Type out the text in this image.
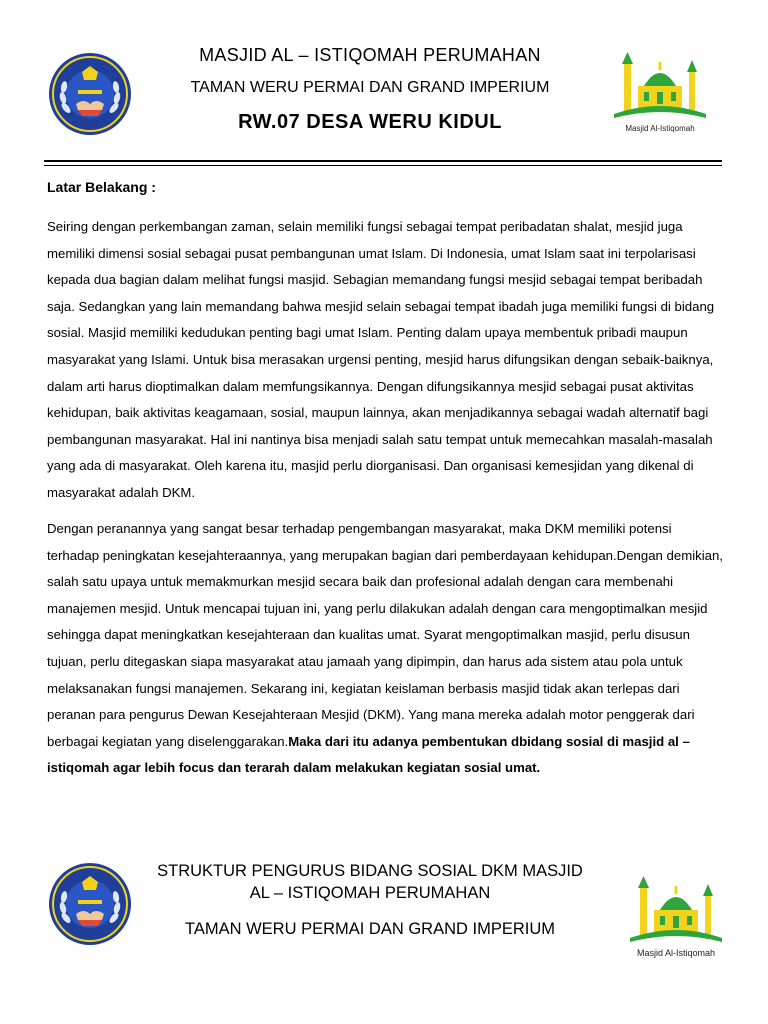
MASJID AL – ISTIQOMAH PERUMAHAN
TAMAN WERU PERMAI DAN GRAND IMPERIUM
RW.07 DESA WERU KIDUL	Masjid Al-Istiqomah
Latar Belakang :
Seiring dengan perkembangan zaman, selain memiliki fungsi sebagai tempat peribadatan shalat, mesjid juga memiliki dimensi sosial sebagai pusat pembangunan umat Islam. Di Indonesia, umat Islam saat ini terpolarisasi kepada dua bagian dalam melihat fungsi masjid. Sebagian memandang fungsi mesjid sebagai tempat beribadah saja. Sedangkan yang lain memandang bahwa mesjid selain sebagai tempat ibadah juga memiliki fungsi di bidang sosial. Masjid memiliki kedudukan penting bagi umat Islam. Penting dalam upaya membentuk pribadi maupun masyarakat yang Islami. Untuk bisa merasakan urgensi penting, mesjid harus difungsikan dengan sebaik-baiknya, dalam arti harus dioptimalkan dalam memfungsikannya. Dengan difungsikannya mesjid sebagai pusat aktivitas kehidupan, baik aktivitas keagamaan, sosial, maupun lainnya, akan menjadikannya sebagai wadah alternatif bagi pembangunan masyarakat. Hal ini nantinya bisa menjadi salah satu tempat untuk memecahkan masalah-masalah yang ada di masyarakat. Oleh karena itu, masjid perlu diorganisasi. Dan organisasi kemesjidan yang dikenal di masyarakat adalah DKM.
Dengan peranannya yang sangat besar terhadap pengembangan masyarakat, maka DKM memiliki potensi terhadap peningkatan kesejahteraannya, yang merupakan bagian dari pemberdayaan kehidupan.Dengan demikian, salah satu upaya untuk memakmurkan mesjid secara baik dan profesional adalah dengan cara membenahi manajemen mesjid. Untuk mencapai tujuan ini, yang perlu dilakukan adalah dengan cara mengoptimalkan mesjid sehingga dapat meningkatkan kesejahteraan dan kualitas umat. Syarat mengoptimalkan masjid, perlu disusun tujuan, perlu ditegaskan siapa masyarakat atau jamaah yang dipimpin, dan harus ada sistem atau pola untuk melaksanakan fungsi manajemen. Sekarang ini, kegiatan keislaman berbasis masjid tidak akan terlepas dari peranan para pengurus Dewan Kesejahteraan Mesjid (DKM). Yang mana mereka adalah motor penggerak dari berbagai kegiatan yang diselenggarakan.Maka dari itu adanya pembentukan dbidang sosial di masjid al – istiqomah agar lebih focus dan terarah dalam melakukan kegiatan sosial umat.
STRUKTUR PENGURUS BIDANG SOSIAL DKM MASJID
AL – ISTIQOMAH PERUMAHAN
TAMAN WERU PERMAI DAN GRAND IMPERIUM
Masjid Al-Istiqomah
